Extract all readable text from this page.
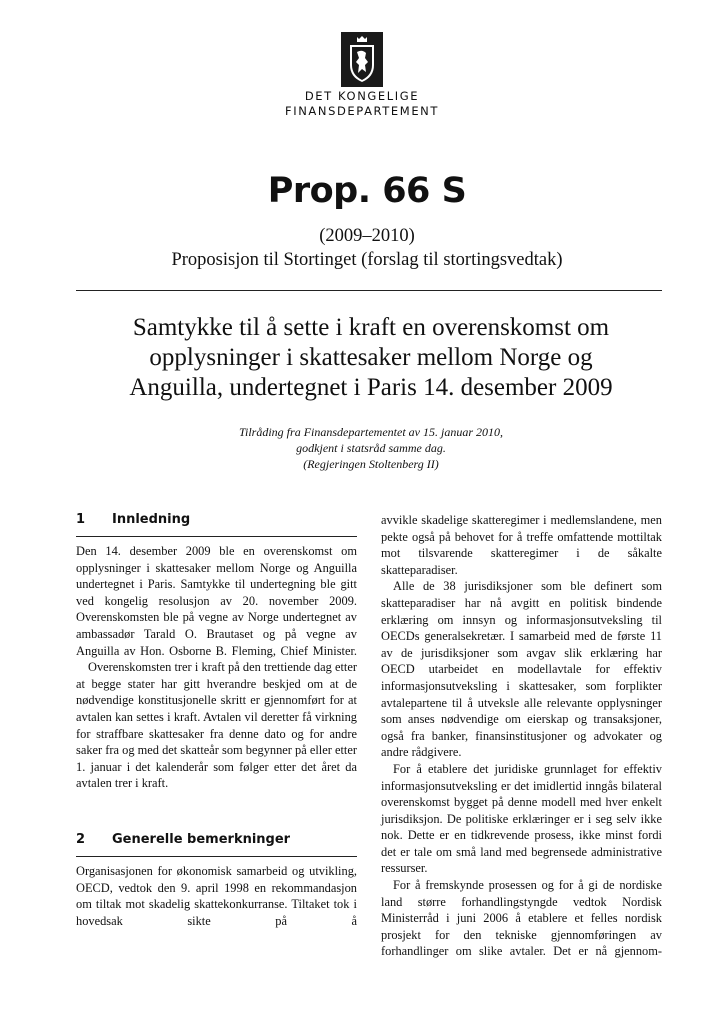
DET KONGELIGE
FINANSDEPARTEMENT
Prop. 66 S
(2009–2010)
Proposisjon til Stortinget (forslag til stortingsvedtak)
Samtykke til å sette i kraft en overenskomst om
opplysninger i skattesaker mellom Norge og
Anguilla, undertegnet i Paris 14. desember 2009
Tilråding fra Finansdepartementet av 15. januar 2010,
godkjent i statsråd samme dag.
(Regjeringen Stoltenberg II)
1 Innledning

Den 14. desember 2009 ble en overenskomst om opplysninger i skattesaker mellom Norge og Anguilla undertegnet i Paris. Samtykke til undertegning ble gitt ved kongelig resolusjon av 20. november 2009. Overenskomsten ble på vegne av Norge undertegnet av ambassadør Tarald O. Brautaset og på vegne av Anguilla av Hon. Osborne B. Fleming, Chief Minister.

Overenskomsten trer i kraft på den trettiende dag etter at begge stater har gitt hverandre beskjed om at de nødvendige konstitusjonelle skritt er gjennomført for at avtalen kan settes i kraft. Avtalen vil deretter få virkning for straffbare skattesaker fra denne dato og for andre saker fra og med det skatteår som begynner på eller etter 1. januar i det kalenderår som følger etter det året da avtalen trer i kraft.

2 Generelle bemerkninger

Organisasjonen for økonomisk samarbeid og utvikling, OECD, vedtok den 9. april 1998 en rekommandasjon om tiltak mot skadelig skattekonkurranse. Tiltaket tok i hovedsak sikte på å

avvikle skadelige skatteregimer i medlemslandene, men pekte også på behovet for å treffe omfattende mottiltak mot tilsvarende skatteregimer i de såkalte skatteparadiser.

Alle de 38 jurisdiksjoner som ble definert som skatteparadiser har nå avgitt en politisk bindende erklæring om innsyn og informasjonsutveksling til OECDs generalsekretær. I samarbeid med de første 11 av de jurisdiksjoner som avgav slik erklæring har OECD utarbeidet en modellavtale for effektiv informasjonsutveksling i skattesaker, som forplikter avtalepartene til å utveksle alle relevante opplysninger som anses nødvendige om eierskap og transaksjoner, også fra banker, finansinstitusjoner og advokater og andre rådgivere.

For å etablere det juridiske grunnlaget for effektiv informasjonsutveksling er det imidlertid inngås bilateral overenskomst bygget på denne modell med hver enkelt jurisdiksjon. De politiske erklæringer er i seg selv ikke nok. Dette er en tidkrevende prosess, ikke minst fordi det er tale om små land med begrensede administrative ressurser.

For å fremskynde prosessen og for å gi de nordiske land større forhandlingstyngde vedtok Nordisk Ministerråd i juni 2006 å etablere et felles nordisk prosjekt for den tekniske gjennomføringen av forhandlinger om slike avtaler. Det er nå gjennom-
